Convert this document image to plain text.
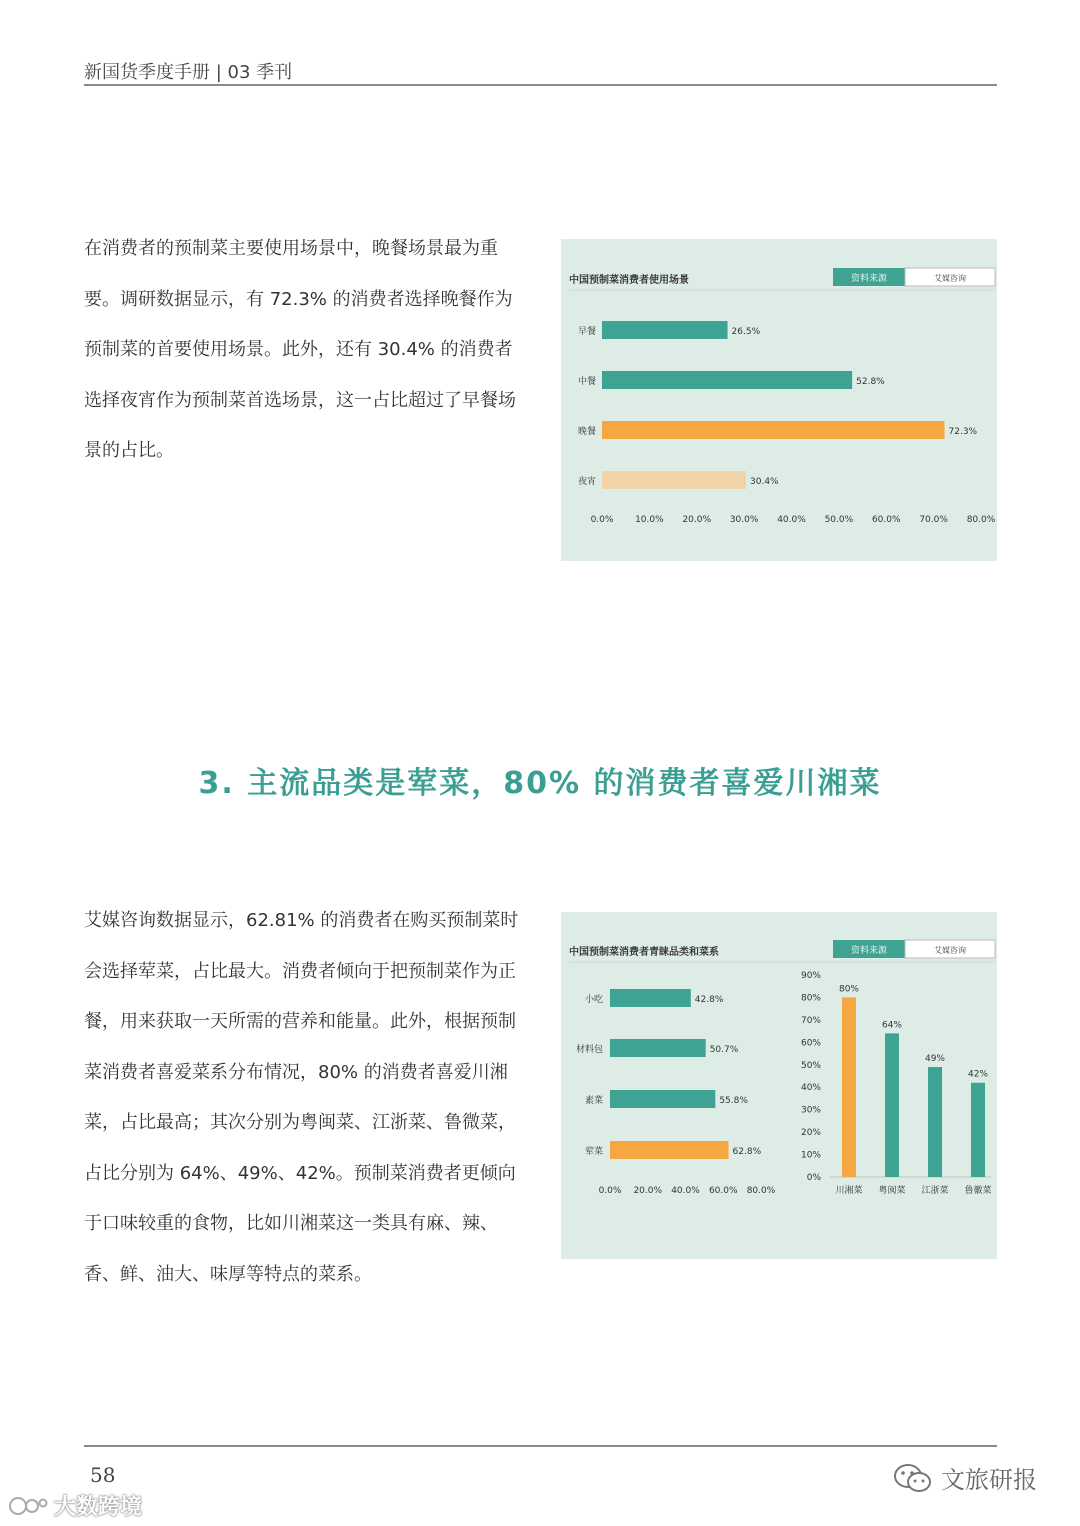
新国货季度手册 | 03 季刊

在消费者的预制菜主要使用场景中，晚餐场景最为重要。调研数据显示，有 72.3% 的消费者选择晚餐作为预制菜的首要使用场景。此外，还有 30.4% 的消费者选择夜宵作为预制菜首选场景，这一占比超过了早餐场景的占比。

中国预制菜消费者使用场景	资料来源	艾媒咨询
早餐	26.5%
中餐	52.8%
晚餐	72.3%
夜宵	30.4%
0.0% 10.0% 20.0% 30.0% 40.0% 50.0% 60.0% 70.0% 80.0%
3. 主流品类是荤菜，80% 的消费者喜爱川湘菜

艾媒咨询数据显示，62.81% 的消费者在购买预制菜时会选择荤菜，占比最大。消费者倾向于把预制菜作为正餐，用来获取一天所需的营养和能量。此外，根据预制菜消费者喜爱菜系分布情况，80% 的消费者喜爱川湘菜，占比最高；其次分别为粤闽菜、江浙菜、鲁微菜，占比分别为 64%、49%、42%。预制菜消费者更倾向于口味较重的食物，比如川湘菜这一类具有麻、辣、香、鲜、油大、味厚等特点的菜系。

中国预制菜消费者青睐品类和菜系	资料来源	艾媒咨询
小吃	42.8%
材料包	50.7%
素菜	55.8%
荤菜	62.8%
0.0% 20.0% 40.0% 60.0% 80.0%
0%
10%
20%
30%
40%
50%
60%
70%
80%
90%
80%
川湘菜
64%
粤闽菜
49%
江浙菜
42%
鲁徽菜
58	文旅研报
大数跨境
